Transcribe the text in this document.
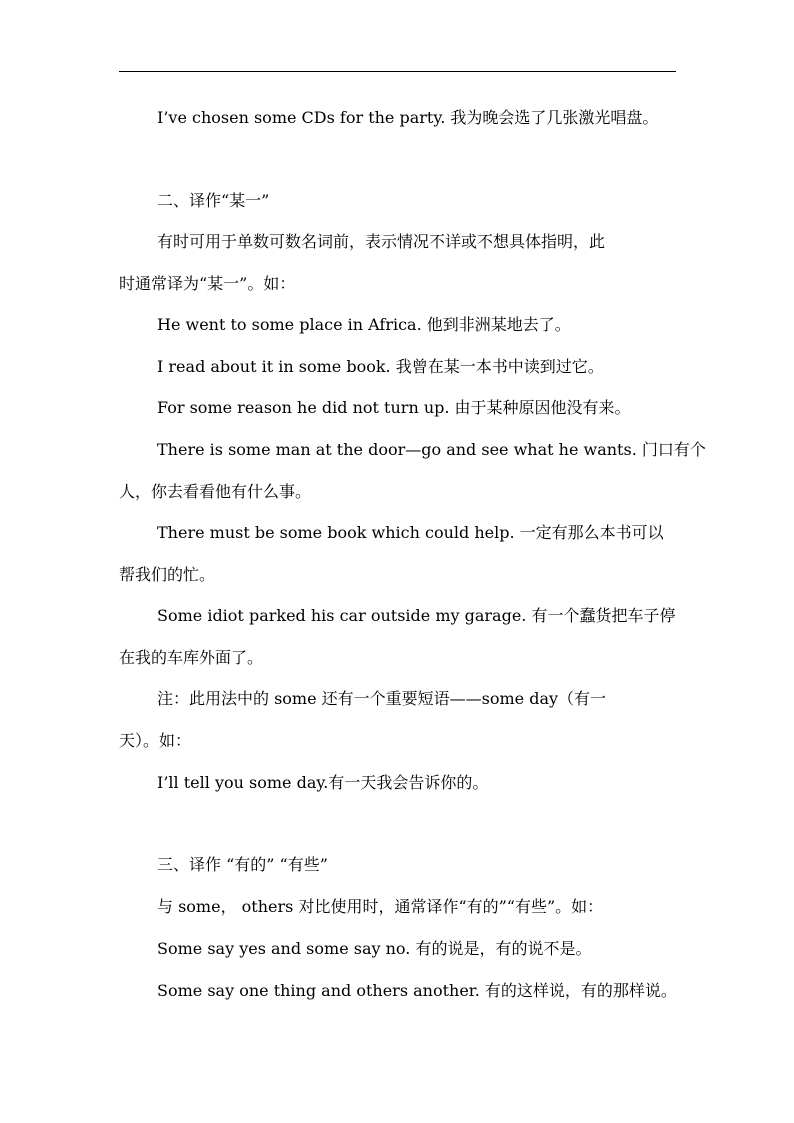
I’ve chosen some CDs for the party. 我为晚会选了几张激光唱盘。
二、译作“某一”
有时可用于单数可数名词前，表示情况不详或不想具体指明，此
时通常译为“某一”。如：
He went to some place in Africa. 他到非洲某地去了。
I read about it in some book. 我曾在某一本书中读到过它。
For some reason he did not turn up. 由于某种原因他没有来。
There is some man at the door—go and see what he wants. 门口有个
人，你去看看他有什么事。
There must be some book which could help. 一定有那么本书可以
帮我们的忙。
Some idiot parked his car outside my garage. 有一个蠢货把车子停
在我的车库外面了。
注：此用法中的 some 还有一个重要短语——some day（有一
天）。如：
I’ll tell you some day.有一天我会告诉你的。
三、译作 “有的” “有些”
与 some， others 对比使用时，通常译作“有的”“有些”。如：
Some say yes and some say no. 有的说是，有的说不是。
Some say one thing and others another. 有的这样说，有的那样说。
